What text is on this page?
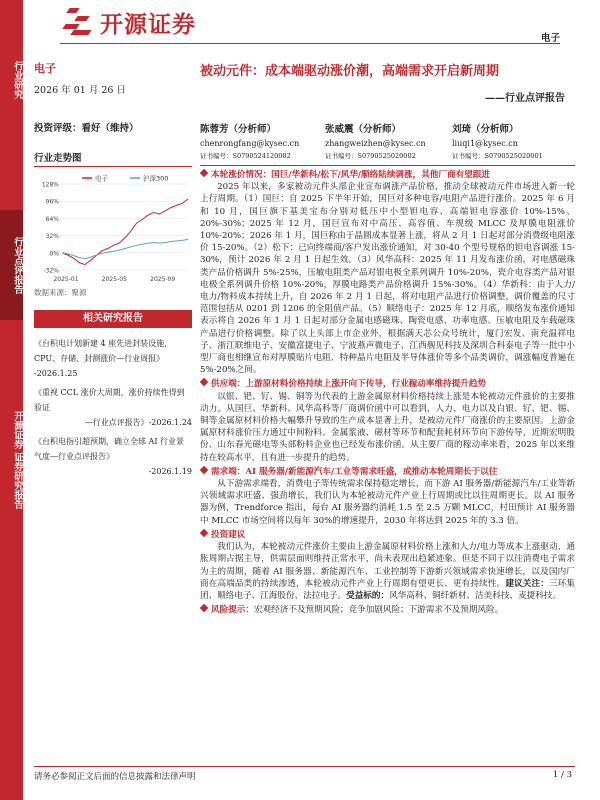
行业研究
行业点评报告
开源证券 证券研究报告
开源证券
电子
电子
2026 年 01 月 26 日
投资评级：看好（维持）
行业走势图
-32%
0%
32%
64%
96%
128%
2025-01	2025-05	2025-09
电子	沪深300
数据来源：聚源
相关研究报告
《台积电计划新建 4 座先进封装设施，CPU、存储、封测涨价—行业周报》
-2026.1.25
《重视 CCL 涨价大周期，涨价持续性得到验证
—行业点评报告》-2026.1.24
《台积电指引超预期，确立全球 AI 行业景气度—行业点评报告》
-2026.1.19
被动元件：成本端驱动涨价潮，高端需求开启新周期
——行业点评报告
陈蓉芳（分析师）
chenrongfang@kysec.cn
证书编号：S0790524120002
张威震（分析师）
zhangweizhen@kysec.cn
证书编号：S0790525020002
刘琦（分析师）
liuqi1@kysec.cn
证书编号：S0790525020001

本轮涨价情况：国巨/华新科/松下/风华/顺络陆续调涨，其他厂商有望跟进

2025 年以来，多家被动元件头部企业宣布调涨产品价格，推动全球被动元件市场进入新一轮上行周期。（1）国巨：自 2025 下半年开始，国巨对多种电容/电阻产品进行涨价。2025 年 6 月和 10 月，国巨旗下基美宝布分别对低压中小型钽电容、高端钽电容涨价 10%-15%、20%-30%；2025 年 12 月，国巨宣布对中高压、高容值、车规级 MLCC 及厚膜电阻涨价 10%-20%；2026 年 1 月，国巨称由于晶圆成本显著上涨，将从 2 月 1 日起对部分消费级电阻涨价 15-20%。（2）松下：已向终端商/客户发出涨价通知，对 30-40 个型号规格的钽电容调涨 15-30%，预计 2026 年 2 月 1 日起生效。（3）风华高科：2025 年 11 月发布涨价函，对电感磁珠类产品价格调升 5%-25%，压敏电阻类产品对银电极全系列调升 10%-20%，瓷介电容类产品对银电极全系列调升价格 10%-20%，厚膜电路类产品价格调升 15%-30%。（4）华新科：由于人力/电力/物料成本持续上升，自 2026 年 2 月 1 日起，将对电阻产品进行价格调整，调价覆盖的尺寸范围包括从 0201 到 1206 的全阻值产品。（5）顺络电子：2025 年 12 月底，顺络发布涨价通知表示将自 2026 年 1 月 1 日起对部分金属电感磁珠、陶瓷电感、功率电感、压敏电阻及车载磁珠产品进行价格调整。除了以上头部上市企业外，根据满天芯公众号统计，厦门宏发、南充温祥电子、浙江联维电子、安徽富捷电子、宁波燕声微电子、江西舰见科技及深圳合科泰电子等一批中小型厂商也相继宣布对厚膜贴片电阻、特种晶片电阻及半导体涨价等多个品类调价，调涨幅度普遍在 5%-20%之间。

供应端：上游原材料价格持续上涨开向下传导，行业稼动率维持提升趋势

以银、钯、钌、锡、铜等为代表的上游金属原材料价格持续上涨是本轮被动元件涨价的主要推动力。从国巨、华新科、风华高科等厂商调价函中可以看到，人力、电力以及白银、钌、钯、锡、铜等金属原材料价格大幅攀升导致的生产成本显著上升，是被动元件厂商涨价的主要原因。上游金属原材料涨价压力通过中间粉料、金属浆液、磁材等环节和配套耗材环节向下游传导，近期宏明股份、山东春光磁电等头部粉料企业也已经发布涨价函。从主要厂商的稼动率来看，2025 年以来维持在较高水平，且有进一步提升的趋势。

需求端：AI 服务器/新能源汽车/工业等需求旺盛，或推动本轮周期长于以往

从下游需求端看，消费电子等传统需求保持稳定增长，而下游 AI 服务器/新能源汽车/工业等新兴领域需求旺盛、强劲增长，我们认为本轮被动元件产业上行周期或比以往周期更长。以 AI 服务器为例，Trendforce 指出，每台 AI 服务器约消耗 1.5 至 2.5 万颗 MLCC，村田预计 AI 服务器中 MLCC 市场空间将以每年 30%的增速提升，2030 年将达到 2025 年的 3.3 倍。

投资建议

我们认为，本轮被动元件涨价主要由上游金属原材料价格上涨和人力/电力等成本上涨驱动，通胀周期占据主导，供需层面则维持正常水平，尚未表现出趋紧迹象。但是不同于以往消费电子需求为主的周期，随着 AI 服务器、新能源汽车、工业控制等下游新兴领域需求快速增长，以及国内厂商在高端品类的持续渗透，本轮被动元件产业上行周期有望更长、更有持续性。建议关注：三环集团、顺络电子、江海股份、法拉电子。受益标的：风华高科、铜纤新材、洁美科技、麦捷科技。

风险提示：宏观经济不及预期风险；竞争加剧风险；下游需求不及预期风险。

请务必参阅正文后面的信息披露和法律声明	1 / 3
